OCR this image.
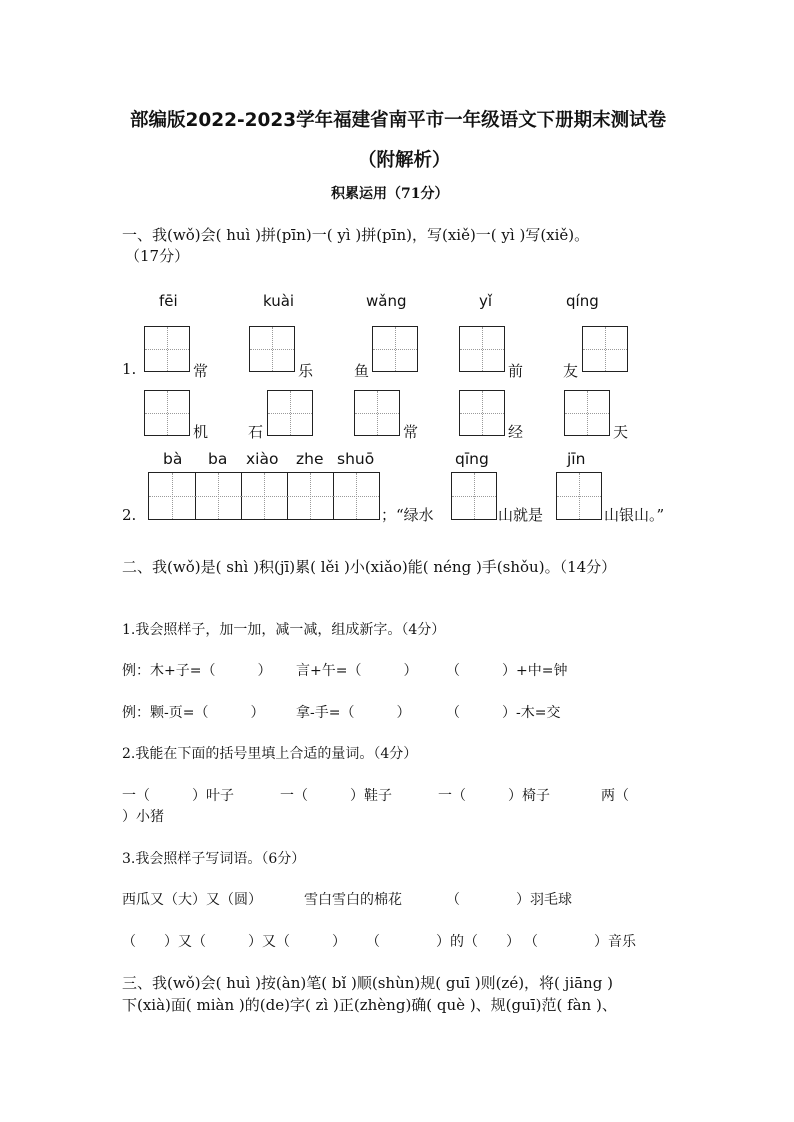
部编版2022-2023学年福建省南平市一年级语文下册期末测试卷
（附解析）
积累运用（71分）
一、我(wǒ)会( huì )拼(pīn)一( yì )拼(pīn)，写(xiě)一( yì )写(xiě)。
（17分）
fēi	kuài	wǎng	yǐ	qíng
1.	常	乐	鱼	前	友
机	石	常	经	天
bà ba xiào zhe shuō	qīng	jīn
2.	；“绿水	山就是	山银山。”
二、我(wǒ)是( shì )积(jī)累( lěi )小(xiǎo)能( néng )手(shǒu)。（14分）
1.我会照样子，加一加，减一减，组成新字。（4分）
例：木+子=（　　　） 言+午=（　　　） （　　　）+中=钟
例：颗-页=（　　　） 拿-手=（　　　）	（　　　）-木=交
2.我能在下面的括号里填上合适的量词。（4分）
一（　　　）叶子	一（　　　）鞋子	一（　　　）椅子	两（
）小猪
3.我会照样子写词语。（6分）
西瓜又（大）又（圆）	雪白雪白的棉花	（　　　　）羽毛球
（　　）又（　　　）又（　　　） （　　　　）的（　　） （　　　　）音乐
三、我(wǒ)会( huì )按(àn)笔( bǐ )顺(shùn)规( guī )则(zé)，将( jiāng )
下(xià)面( miàn )的(de)字( zì )正(zhèng)确( què )、规(guī)范( fàn )、
